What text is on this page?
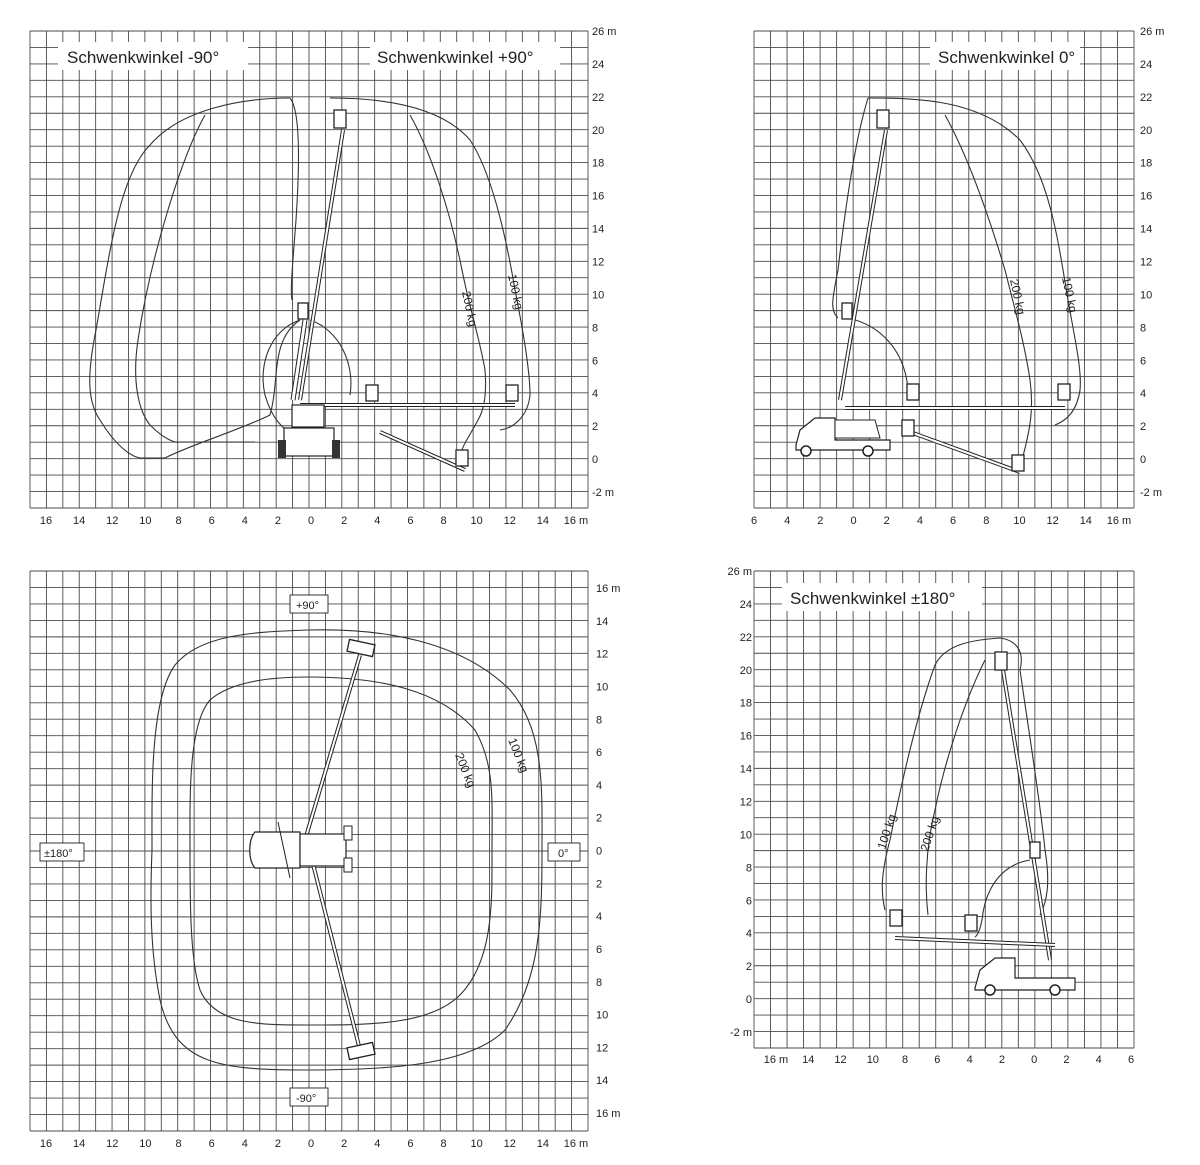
26 m
24
22
20
18
16
14
12
10
8
6
4
2
0
-2 m
16 14 12 10 8 6 4 2 0 2 4 6 8 10 12 14 16 m
Schwenkwinkel -90°	Schwenkwinkel +90°
200 kg 100 kg
26 m
24
22
20
18
16
14
12
10
8
6
4
2
0
-2 m
6 4 2 0 2 4 6 8 10 12 14 16 m
Schwenkwinkel 0°
200 kg	100 kg
16 m
14
12
10
8
6
4
2
0
2
4
6
8
10
12
14
16 m
16 14 12 10 8 6 4 2 0 2 4 6 8 10 12 14 16 m
+90°
-90°
±180°	0°
200 kg 100 kg
26 m
24
22
20
18
16
14
12
10
8
6
4
2
0
-2 m
16 m 14 12 10 8 6 4 2 0 2 4 6
Schwenkwinkel ±180°
100 kg 200 kg
